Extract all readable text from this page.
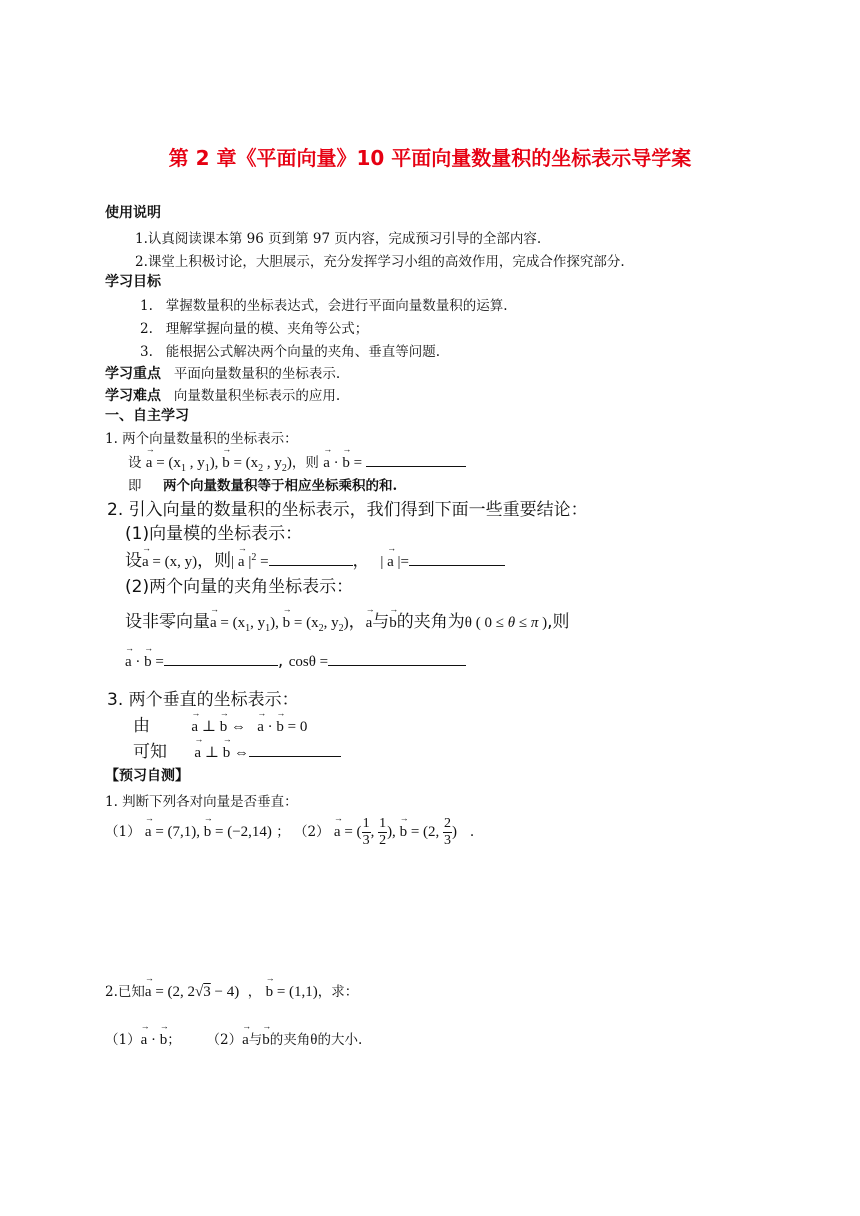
第 2 章《平面向量》10 平面向量数量积的坐标表示导学案
使用说明
1.认真阅读课本第 96 页到第 97 页内容，完成预习引导的全部内容.
2.课堂上积极讨论，大胆展示，充分发挥学习小组的高效作用，完成合作探究部分.
学习目标
1. 掌握数量积的坐标表达式，会进行平面向量数量积的运算.
2. 理解掌握向量的模、夹角等公式；
3. 能根据公式解决两个向量的夹角、垂直等问题.
学习重点 平面向量数量积的坐标表示.
学习难点 向量数量积坐标表示的应用.
一、自主学习
1. 两个向量数量积的坐标表示：
设 → $a = (x_1$ , $y_1$), → $b = (x_2$ , $y_2$)，则 → a · → b =
即 两个向量数量积等于相应坐标乘积的和.
2. 引入向量的数量积的坐标表示，我们得到下面一些重要结论：
(1)向量模的坐标表示：
设→ a = (x, y)，则| → a $|^2$ =	，  | → a |=
(2)两个向量的夹角坐标表示：
设非零向量→ $a = (x_1$, $y_1$), → $b = (x_2$, $y_2$)，→ a与→ b的夹角为θ ( 0 ≤ θ ≤ π ),则
→ a · → b =	, cosθ =
3. 两个垂直的坐标表示：
由	→ a ⊥ → b ⇔   → a · → b = 0
可知 → a ⊥ → b ⇔
【预习自测】
1. 判断下列各对向量是否垂直：
（1） → a = (7,1), → b = (−2,14) ； （2） → a = ( $\frac{1}{3}$ , $\frac{1}{2}$ ), → b = (2, $\frac{2}{3}$ )   .
2.已知→ a = (2, 2√3 − 4)  ， → b = (1,1)，求：
（1）→ a · → b；      （2）→ a与→ b的夹角θ的大小.
